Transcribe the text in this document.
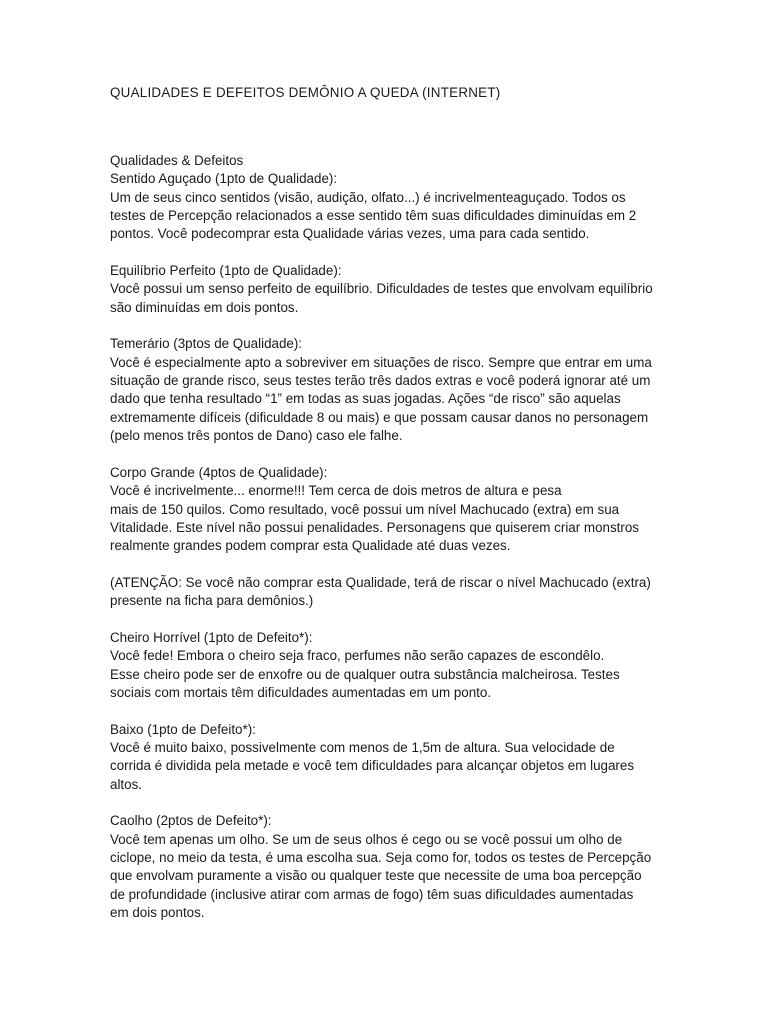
QUALIDADES E DEFEITOS DEMÔNIO A QUEDA (INTERNET)

Qualidades & Defeitos
Sentido Aguçado (1pto de Qualidade):
Um de seus cinco sentidos (visão, audição, olfato...) é incrivelmenteaguçado. Todos os
testes de Percepção relacionados a esse sentido têm suas dificuldades diminuídas em 2
pontos. Você podecomprar esta Qualidade várias vezes, uma para cada sentido.

Equilíbrio Perfeito (1pto de Qualidade):
Você possui um senso perfeito de equilíbrio. Dificuldades de testes que envolvam equilíbrio
são diminuídas em dois pontos.

Temerário (3ptos de Qualidade):
Você é especialmente apto a sobreviver em situações de risco. Sempre que entrar em uma
situação de grande risco, seus testes terão três dados extras e você poderá ignorar até um
dado que tenha resultado “1” em todas as suas jogadas. Ações “de risco” são aquelas
extremamente difíceis (dificuldade 8 ou mais) e que possam causar danos no personagem
(pelo menos três pontos de Dano) caso ele falhe.

Corpo Grande (4ptos de Qualidade):
Você é incrivelmente... enorme!!! Tem cerca de dois metros de altura e pesa
mais de 150 quilos. Como resultado, você possui um nível Machucado (extra) em sua
Vitalidade. Este nível não possui penalidades. Personagens que quiserem criar monstros
realmente grandes podem comprar esta Qualidade até duas vezes.

(ATENÇÃO: Se você não comprar esta Qualidade, terá de riscar o nível Machucado (extra)
presente na ficha para demônios.)

Cheiro Horrível (1pto de Defeito*):
Você fede! Embora o cheiro seja fraco, perfumes não serão capazes de escondêlo.
Esse cheiro pode ser de enxofre ou de qualquer outra substância malcheirosa. Testes
sociais com mortais têm dificuldades aumentadas em um ponto.

Baixo (1pto de Defeito*):
Você é muito baixo, possivelmente com menos de 1,5m de altura. Sua velocidade de
corrida é dividida pela metade e você tem dificuldades para alcançar objetos em lugares
altos.

Caolho (2ptos de Defeito*):
Você tem apenas um olho. Se um de seus olhos é cego ou se você possui um olho de
ciclope, no meio da testa, é uma escolha sua. Seja como for, todos os testes de Percepção
que envolvam puramente a visão ou qualquer teste que necessite de uma boa percepção
de profundidade (inclusive atirar com armas de fogo) têm suas dificuldades aumentadas
em dois pontos.
